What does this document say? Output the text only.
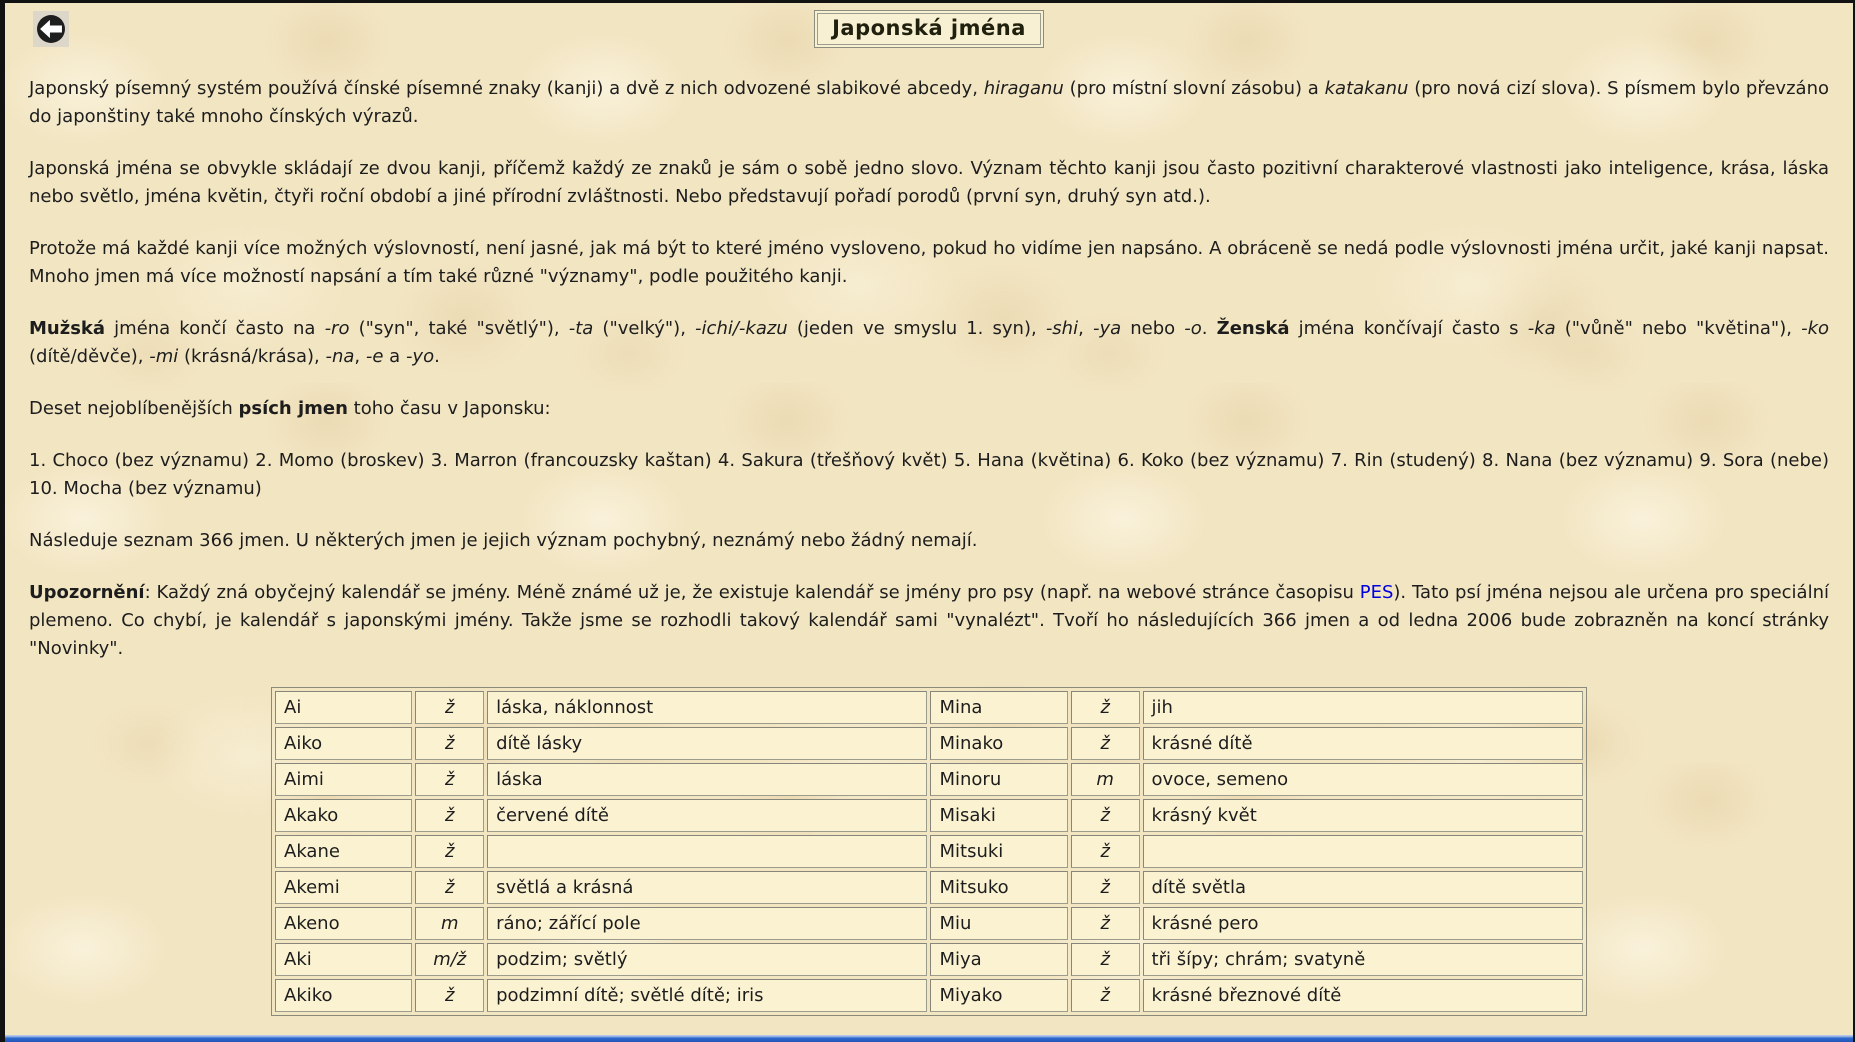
Japonská jména

Japonský písemný systém používá čínské písemné znaky (kanji) a dvě z nich odvozené slabikové abcedy, hiraganu (pro místní slovní zásobu) a katakanu (pro nová cizí slova). S písmem bylo převzáno do japonštiny také mnoho čínských výrazů.

Japonská jména se obvykle skládají ze dvou kanji, příčemž každý ze znaků je sám o sobě jedno slovo. Význam těchto kanji jsou často pozitivní charakterové vlastnosti jako inteligence, krása, láska nebo světlo, jména květin, čtyři roční období a jiné přírodní zvláštnosti. Nebo představují pořadí porodů (první syn, druhý syn atd.).

Protože má každé kanji více možných výslovností, není jasné, jak má být to které jméno vysloveno, pokud ho vidíme jen napsáno. A obráceně se nedá podle výslovnosti jména určit, jaké kanji napsat. Mnoho jmen má více možností napsání a tím také různé "významy", podle použitého kanji.

Mužská jména končí často na -ro ("syn", také "světlý"), -ta ("velký"), -ichi/-kazu (jeden ve smyslu 1. syn), -shi, -ya nebo -o. Ženská jména končívají často s -ka ("vůně" nebo "květina"), -ko (dítě/děvče), -mi (krásná/krása), -na, -e a -yo.

Deset nejoblíbenějších psích jmen toho času v Japonsku:

1. Choco (bez významu) 2. Momo (broskev) 3. Marron (francouzsky kaštan) 4. Sakura (třešňový květ) 5. Hana (květina) 6. Koko (bez významu) 7. Rin (studený) 8. Nana (bez významu) 9. Sora (nebe) 10. Mocha (bez významu)

Následuje seznam 366 jmen. U některých jmen je jejich význam pochybný, neznámý nebo žádný nemají.

Upozornění: Každý zná obyčejný kalendář se jmény. Méně známé už je, že existuje kalendář se jmény pro psy (např. na webové stránce časopisu PES). Tato psí jména nejsou ale určena pro speciální plemeno. Co chybí, je kalendář s japonskými jmény. Takže jsme se rozhodli takový kalendář sami "vynalézt". Tvoří ho následujících 366 jmen a od ledna 2006 bude zobrazněn na koncí stránky "Novinky".

Ai	ž	láska, náklonnost	Mina	ž	jih
Aiko	ž	dítě lásky	Minako	ž	krásné dítě
Aimi	ž	láska	Minoru	m	ovoce, semeno
Akako	ž	červené dítě	Misaki	ž	krásný květ
Akane	ž		Mitsuki	ž	
Akemi	ž	světlá a krásná	Mitsuko	ž	dítě světla
Akeno	m	ráno; zářící pole	Miu	ž	krásné pero
Aki	m/ž	podzim; světlý	Miya	ž	tři šípy; chrám; svatyně
Akiko	ž	podzimní dítě; světlé dítě; iris	Miyako	ž	krásné březnové dítě
